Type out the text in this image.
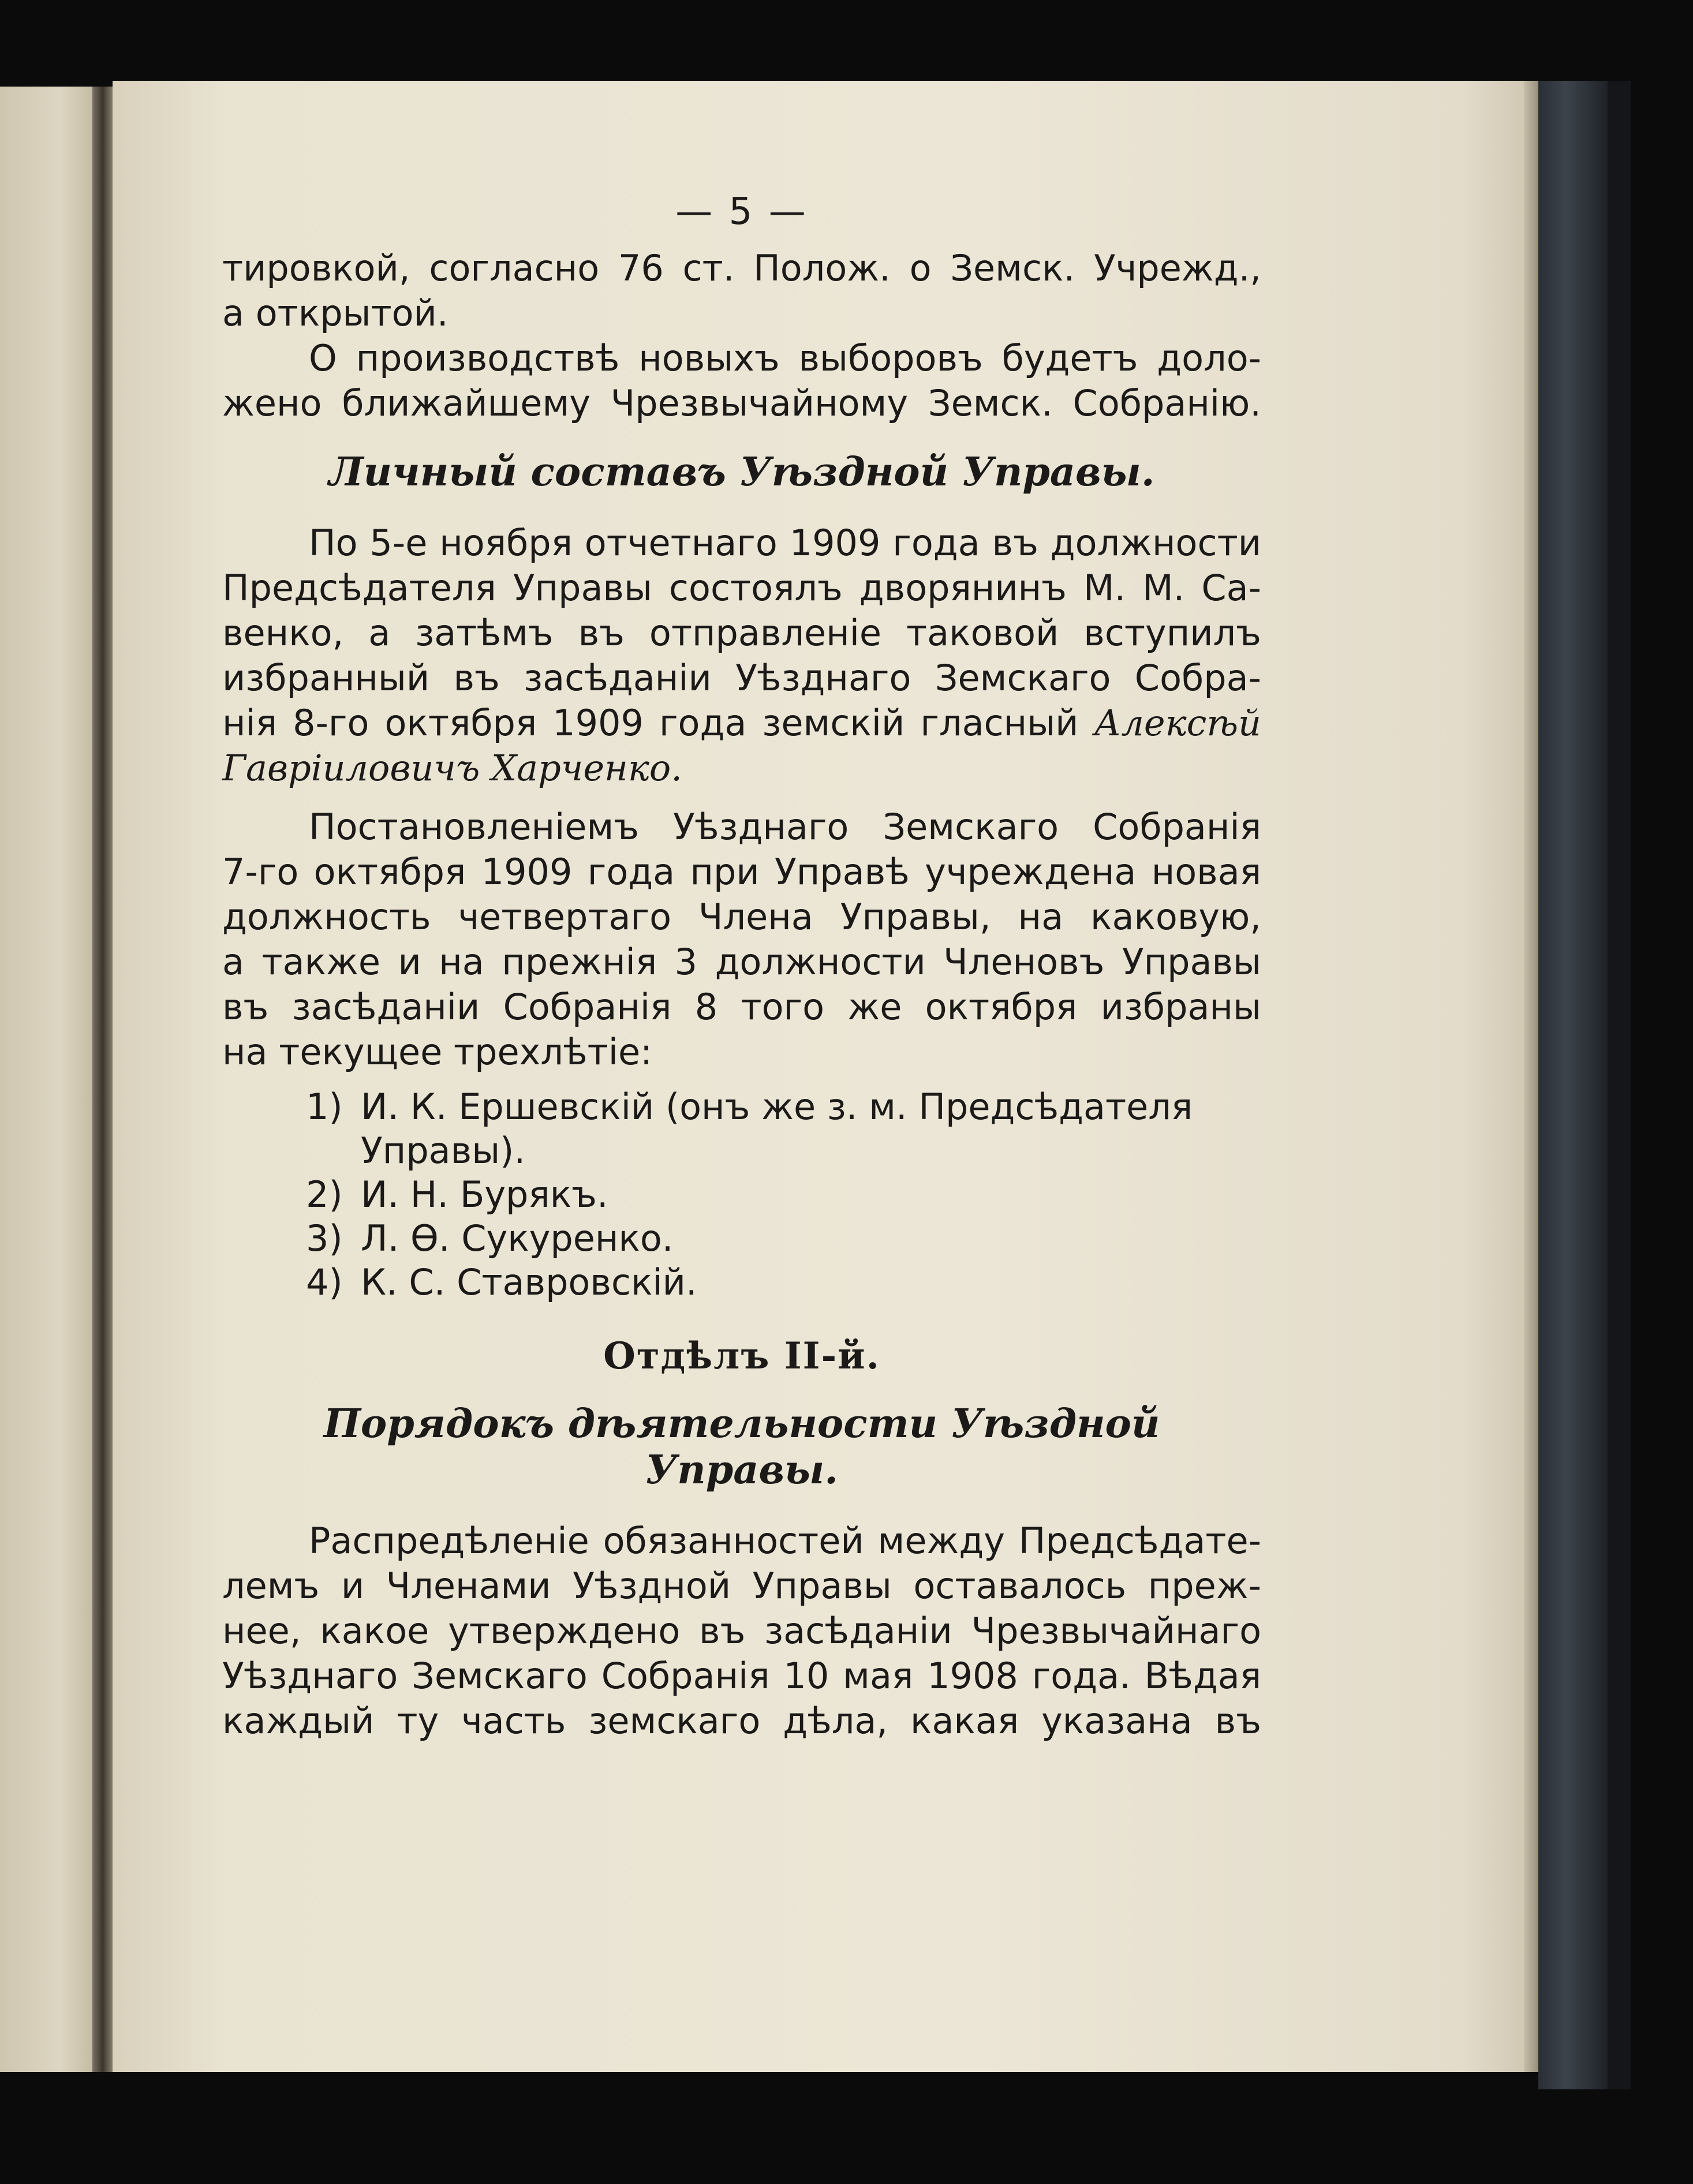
— 5 —

тировкой, согласно 76 ст. Полож. о Земск. Учрежд.,
а открытой.

О производствѣ новыхъ выборовъ будетъ доло-
жено ближайшему Чрезвычайному Земск. Собранію.

Личный составъ Уѣздной Управы.

По 5-е ноября отчетнаго 1909 года въ должности
Предсѣдателя Управы состоялъ дворянинъ М. М. Са-
венко, а затѣмъ въ отправленіе таковой вступилъ
избранный въ засѣданіи Уѣзднаго Земскаго Собра-
нія 8-го октября 1909 года земскій гласный Алексѣй
Гавріиловичъ Харченко.

Постановленіемъ Уѣзднаго Земскаго Собранія
7-го октября 1909 года при Управѣ учреждена новая
должность четвертаго Члена Управы, на каковую,
а также и на прежнія 3 должности Членовъ Управы
въ засѣданіи Собранія 8 того же октября избраны
на текущее трехлѣтіе:

1) И. К. Ершевскій (онъ же з. м. Предсѣдателя
Управы).
2) И. Н. Бурякъ.
3) Л. Ѳ. Сукуренко.
4) К. С. Ставровскій.
Отдѣлъ II-й.
Порядокъ дѣятельности Уѣздной Управы.

Распредѣленіе обязанностей между Предсѣдате-
лемъ и Членами Уѣздной Управы оставалось преж-
нее, какое утверждено въ засѣданіи Чрезвычайнаго
Уѣзднаго Земскаго Собранія 10 мая 1908 года. Вѣдая
каждый ту часть земскаго дѣла, какая указана въ
